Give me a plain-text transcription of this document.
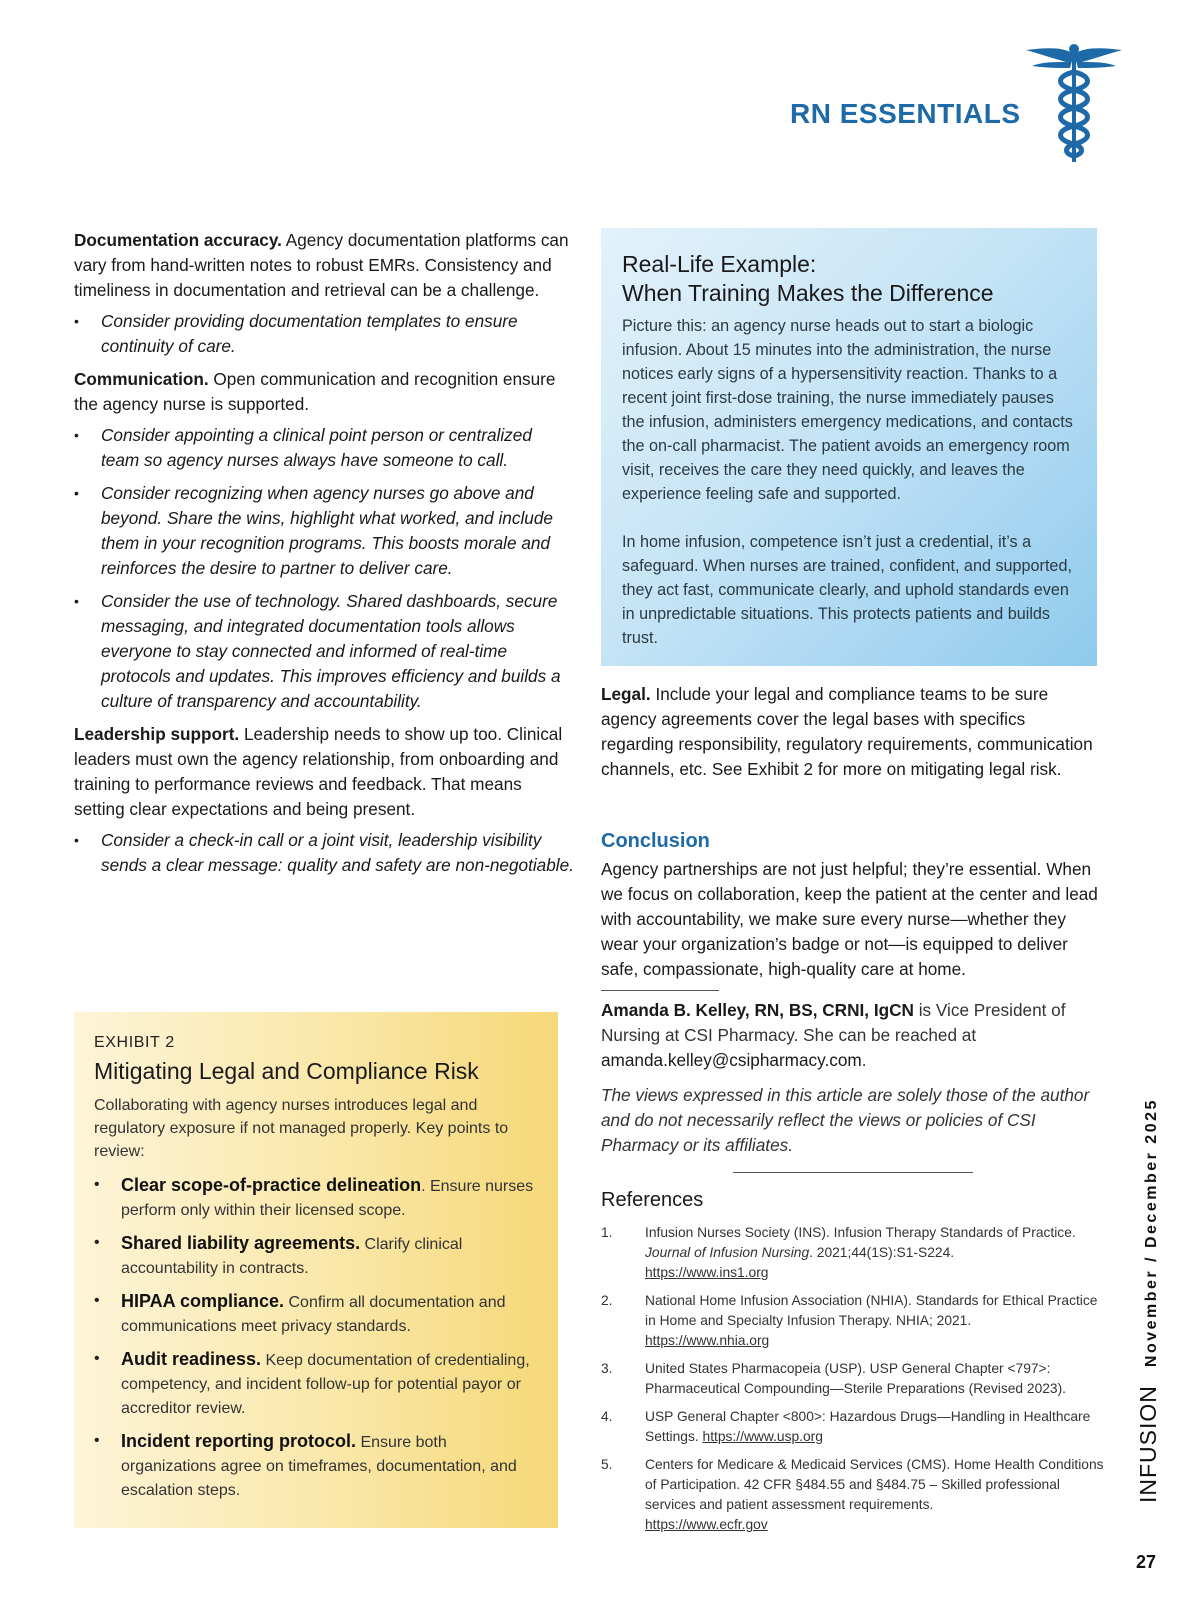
RN ESSENTIALS

Documentation accuracy. Agency documentation platforms can vary from hand-written notes to robust EMRs. Consistency and timeliness in documentation and retrieval can be a challenge.

• Consider providing documentation templates to ensure continuity of care.

Communication. Open communication and recognition ensure the agency nurse is supported.

• Consider appointing a clinical point person or centralized team so agency nurses always have someone to call.
• Consider recognizing when agency nurses go above and beyond. Share the wins, highlight what worked, and include them in your recognition programs. This boosts morale and reinforces the desire to partner to deliver care.
• Consider the use of technology. Shared dashboards, secure messaging, and integrated documentation tools allows everyone to stay connected and informed of real-time protocols and updates. This improves efficiency and builds a culture of transparency and accountability.

Leadership support. Leadership needs to show up too. Clinical leaders must own the agency relationship, from onboarding and training to performance reviews and feedback. That means setting clear expectations and being present.

• Consider a check-in call or a joint visit, leadership visibility sends a clear message: quality and safety are non-negotiable.
EXHIBIT 2
Mitigating Legal and Compliance Risk
Collaborating with agency nurses introduces legal and regulatory exposure if not managed properly. Key points to review:
• Clear scope-of-practice delineation. Ensure nurses perform only within their licensed scope.
• Shared liability agreements. Clarify clinical accountability in contracts.
• HIPAA compliance. Confirm all documentation and communications meet privacy standards.
• Audit readiness. Keep documentation of credentialing, competency, and incident follow-up for potential payor or accreditor review.
• Incident reporting protocol. Ensure both organizations agree on timeframes, documentation, and escalation steps.
Real-Life Example:
When Training Makes the Difference

Picture this: an agency nurse heads out to start a biologic infusion. About 15 minutes into the administration, the nurse notices early signs of a hypersensitivity reaction. Thanks to a recent joint first-dose training, the nurse immediately pauses the infusion, administers emergency medications, and contacts the on-call pharmacist. The patient avoids an emergency room visit, receives the care they need quickly, and leaves the experience feeling safe and supported.

In home infusion, competence isn’t just a credential, it’s a safeguard. When nurses are trained, confident, and supported, they act fast, communicate clearly, and uphold standards even in unpredictable situations. This protects patients and builds trust.

Legal. Include your legal and compliance teams to be sure agency agreements cover the legal bases with specifics regarding responsibility, regulatory requirements, communication channels, etc. See Exhibit 2 for more on mitigating legal risk.

Conclusion

Agency partnerships are not just helpful; they’re essential. When we focus on collaboration, keep the patient at the center and lead with accountability, we make sure every nurse—whether they wear your organization’s badge or not—is equipped to deliver safe, compassionate, high-quality care at home.

Amanda B. Kelley, RN, BS, CRNI, IgCN is Vice President of Nursing at CSI Pharmacy. She can be reached at amanda.kelley@csipharmacy.com.

The views expressed in this article are solely those of the author and do not necessarily reflect the views or policies of CSI Pharmacy or its affiliates.

References
1. Infusion Nurses Society (INS). Infusion Therapy Standards of Practice. Journal of Infusion Nursing. 2021;44(1S):S1-S224.
https://www.ins1.org
2. National Home Infusion Association (NHIA). Standards for Ethical Practice in Home and Specialty Infusion Therapy. NHIA; 2021.
https://www.nhia.org
3. United States Pharmacopeia (USP). USP General Chapter <797>: Pharmaceutical Compounding—Sterile Preparations (Revised 2023).
4. USP General Chapter <800>: Hazardous Drugs—Handling in Healthcare Settings. https://www.usp.org
5. Centers for Medicare & Medicaid Services (CMS). Home Health Conditions of Participation. 42 CFR §484.55 and §484.75 – Skilled professional services and patient assessment requirements.
https://www.ecfr.gov
INFUSION
November / December 2025
27
